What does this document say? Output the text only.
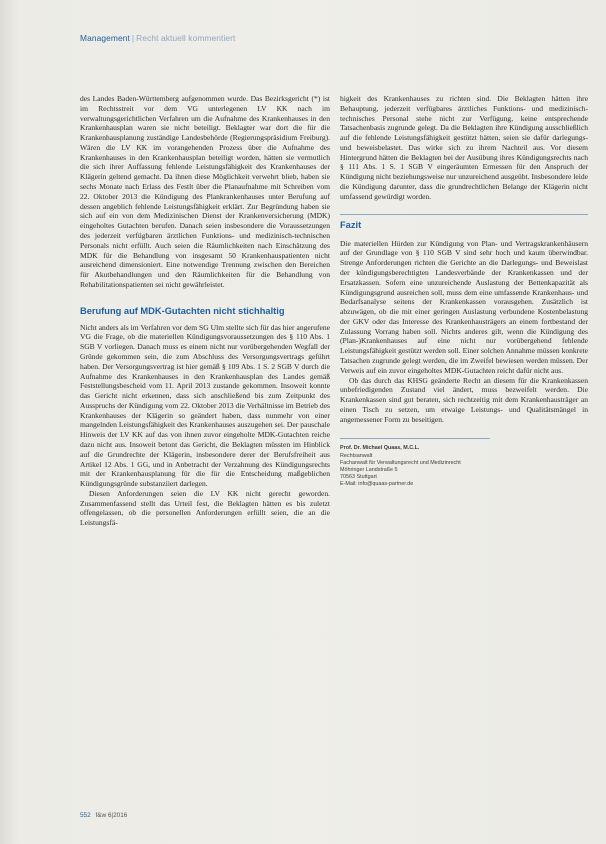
Management | Recht aktuell kommentiert

des Landes Baden-Württemberg aufgenommen wurde. Das Bezirksgericht (*) ist im Rechtsstreit vor dem VG unterlegenen LV KK nach im verwaltungsgerichtlichen Verfahren um die Aufnahme des Krankenhauses in den Krankenhausplan waren sie nicht beteiligt. Beklagter war dort die für die Krankenhausplanung zuständige Landesbehörde (Regierungspräsidium Freiburg). Wären die LV KK im vorangehenden Prozess über die Aufnahme des Krankenhauses in den Krankenhausplan beteiligt worden, hätten sie vermutlich die sich ihrer Auffassung fehlende Leistungsfähigkeit des Krankenhauses der Klägerin geltend gemacht. Da ihnen diese Möglichkeit verwehrt blieb, haben sie sechs Monate nach Erlass des Festlt über die Planaufnahme mit Schreiben vom 22. Oktober 2013 die Kündigung des Plankrankenhauses unter Berufung auf dessen angeblich fehlende Leistungsfähigkeit erklärt. Zur Begründung haben sie sich auf ein von dem Medizinischen Dienst der Krankenversicherung (MDK) eingeholtes Gutachten berufen. Danach seien insbesondere die Voraussetzungen des jederzeit verfügbaren ärztlichen Funktions- und medizinisch-technischen Personals nicht erfüllt. Auch seien die Räumlichkeiten nach Einschätzung des MDK für die Behandlung von insgesamt 50 Krankenhauspatienten nicht ausreichend dimensioniert. Eine notwendige Trennung zwischen den Bereichen für Akutbehandlungen und den Räumlichkeiten für die Behandlung von Rehabilitationspatienten sei nicht gewährleistet.

Berufung auf MDK-Gutachten nicht stichhaltig

Nicht anders als im Verfahren vor dem SG Ulm stellte sich für das hier angerufene VG die Frage, ob die materiellen Kündigungsvoraussetzungen des § 110 Abs. 1 SGB V vorliegen. Danach muss es einem nicht nur vorübergehenden Wegfall der Gründe gekommen sein, die zum Abschluss des Versorgungsvertrags geführt haben. Der Versorgungsvertrag ist hier gemäß § 109 Abs. 1 S. 2 SGB V durch die Aufnahme des Krankenhauses in den Krankenhausplan des Landes gemäß Feststellungsbescheid vom 11. April 2013 zustande gekommen. Insoweit konnte das Gericht nicht erkennen, dass sich anschließend bis zum Zeitpunkt des Ausspruchs der Kündigung vom 22. Oktober 2013 die Verhältnisse im Betrieb des Krankenhauses der Klägerin so geändert haben, dass nunmehr von einer mangelnden Leistungsfähigkeit des Krankenhauses auszugehen sei. Der pauschale Hinweis der LV KK auf das von ihnen zuvor eingeholte MDK-Gutachten reiche dazu nicht aus. Insoweit betont das Gericht, die Beklagten müssten im Hinblick auf die Grundrechte der Klägerin, insbesondere derer der Berufsfreiheit aus Artikel 12 Abs. 1 GG, und in Anbetracht der Verzahnung des Kündigungsrechts mit der Krankenhausplanung für die für die Entscheidung maßgeblichen Kündigungsgründe substanziiert darlegen.

Diesen Anforderungen seien die LV KK nicht gerecht geworden. Zusammenfassend stellt das Urteil fest, die Beklagten hätten es bis zuletzt offengelassen, ob die personellen Anforderungen erfüllt seien, die an die Leistungsfä-

higkeit des Krankenhauses zu richten sind. Die Beklagten hätten ihre Behauptung, jederzeit verfügbares ärztliches Funktions- und medizinisch-technisches Personal stehe nicht zur Verfügung, keine entsprechende Tatsachenbasis zugrunde gelegt. Da die Beklagten ihre Kündigung ausschließlich auf die fehlende Leistungsfähigkeit gestützt hätten, seien sie dafür darlegungs- und beweisbelastet. Das wirke sich zu ihrem Nachteil aus. Vor diesem Hintergrund hätten die Beklagten bei der Ausübung ihres Kündigungsrechts nach § 111 Abs. 1 S. 1 SGB V eingeräumten Ermessen für den Anspruch der Kündigung nicht beziehungsweise nur unzureichend ausgeübt. Insbesondere leide die Kündigung darunter, dass die grundrechtlichen Belange der Klägerin nicht umfassend gewürdigt worden.

Fazit

Die materiellen Hürden zur Kündigung von Plan- und Vertragskrankenhäusern auf der Grundlage von § 110 SGB V sind sehr hoch und kaum überwindbar. Strenge Anforderungen richten die Gerichte an die Darlegungs- und Beweislast der kündigungsberechtigten Landesverbände der Krankenkassen und der Ersatzkassen. Sofern eine unzureichende Auslastung der Bettenkapazität als Kündigungsgrund ausreichen soll, muss dem eine umfassende Krankenhaus- und Bedarfsanalyse seitens der Krankenkassen vorausgehen. Zusätzlich ist abzuwägen, ob die mit einer geringen Auslastung verbundene Kostenbelastung der GKV oder das Interesse des Krankenhausträgers an einem fortbestand der Zulassung Vorrang haben soll. Nichts anderes gilt, wenn die Kündigung des (Plan-)Krankenhauses auf eine nicht nur vorübergehend fehlende Leistungsfähigkeit gestützt werden soll. Einer solchen Annahme müssen konkrete Tatsachen zugrunde gelegt werden, die im Zweifel bewiesen werden müssen. Der Verweis auf ein zuvor eingeholtes MDK-Gutachten reicht dafür nicht aus.

Ob das durch das KHSG geänderte Recht an diesem für die Krankenkassen unbefriedigenden Zustand viel ändert, muss bezweifelt werden. Die Krankenkassen sind gut beraten, sich rechtzeitig mit dem Krankenhausträger an einen Tisch zu setzen, um etwaige Leistungs- und Qualitätsmängel in angemessener Form zu beseitigen.

Prof. Dr. Michael Quaas, M.C.L.
Rechtsanwalt
Fachanwalt für Verwaltungsrecht und Medizinrecht
Möhringer Landstraße 5
70563 Stuttgart
E-Mail: info@quaas-partner.de
552 f&w 6|2016
